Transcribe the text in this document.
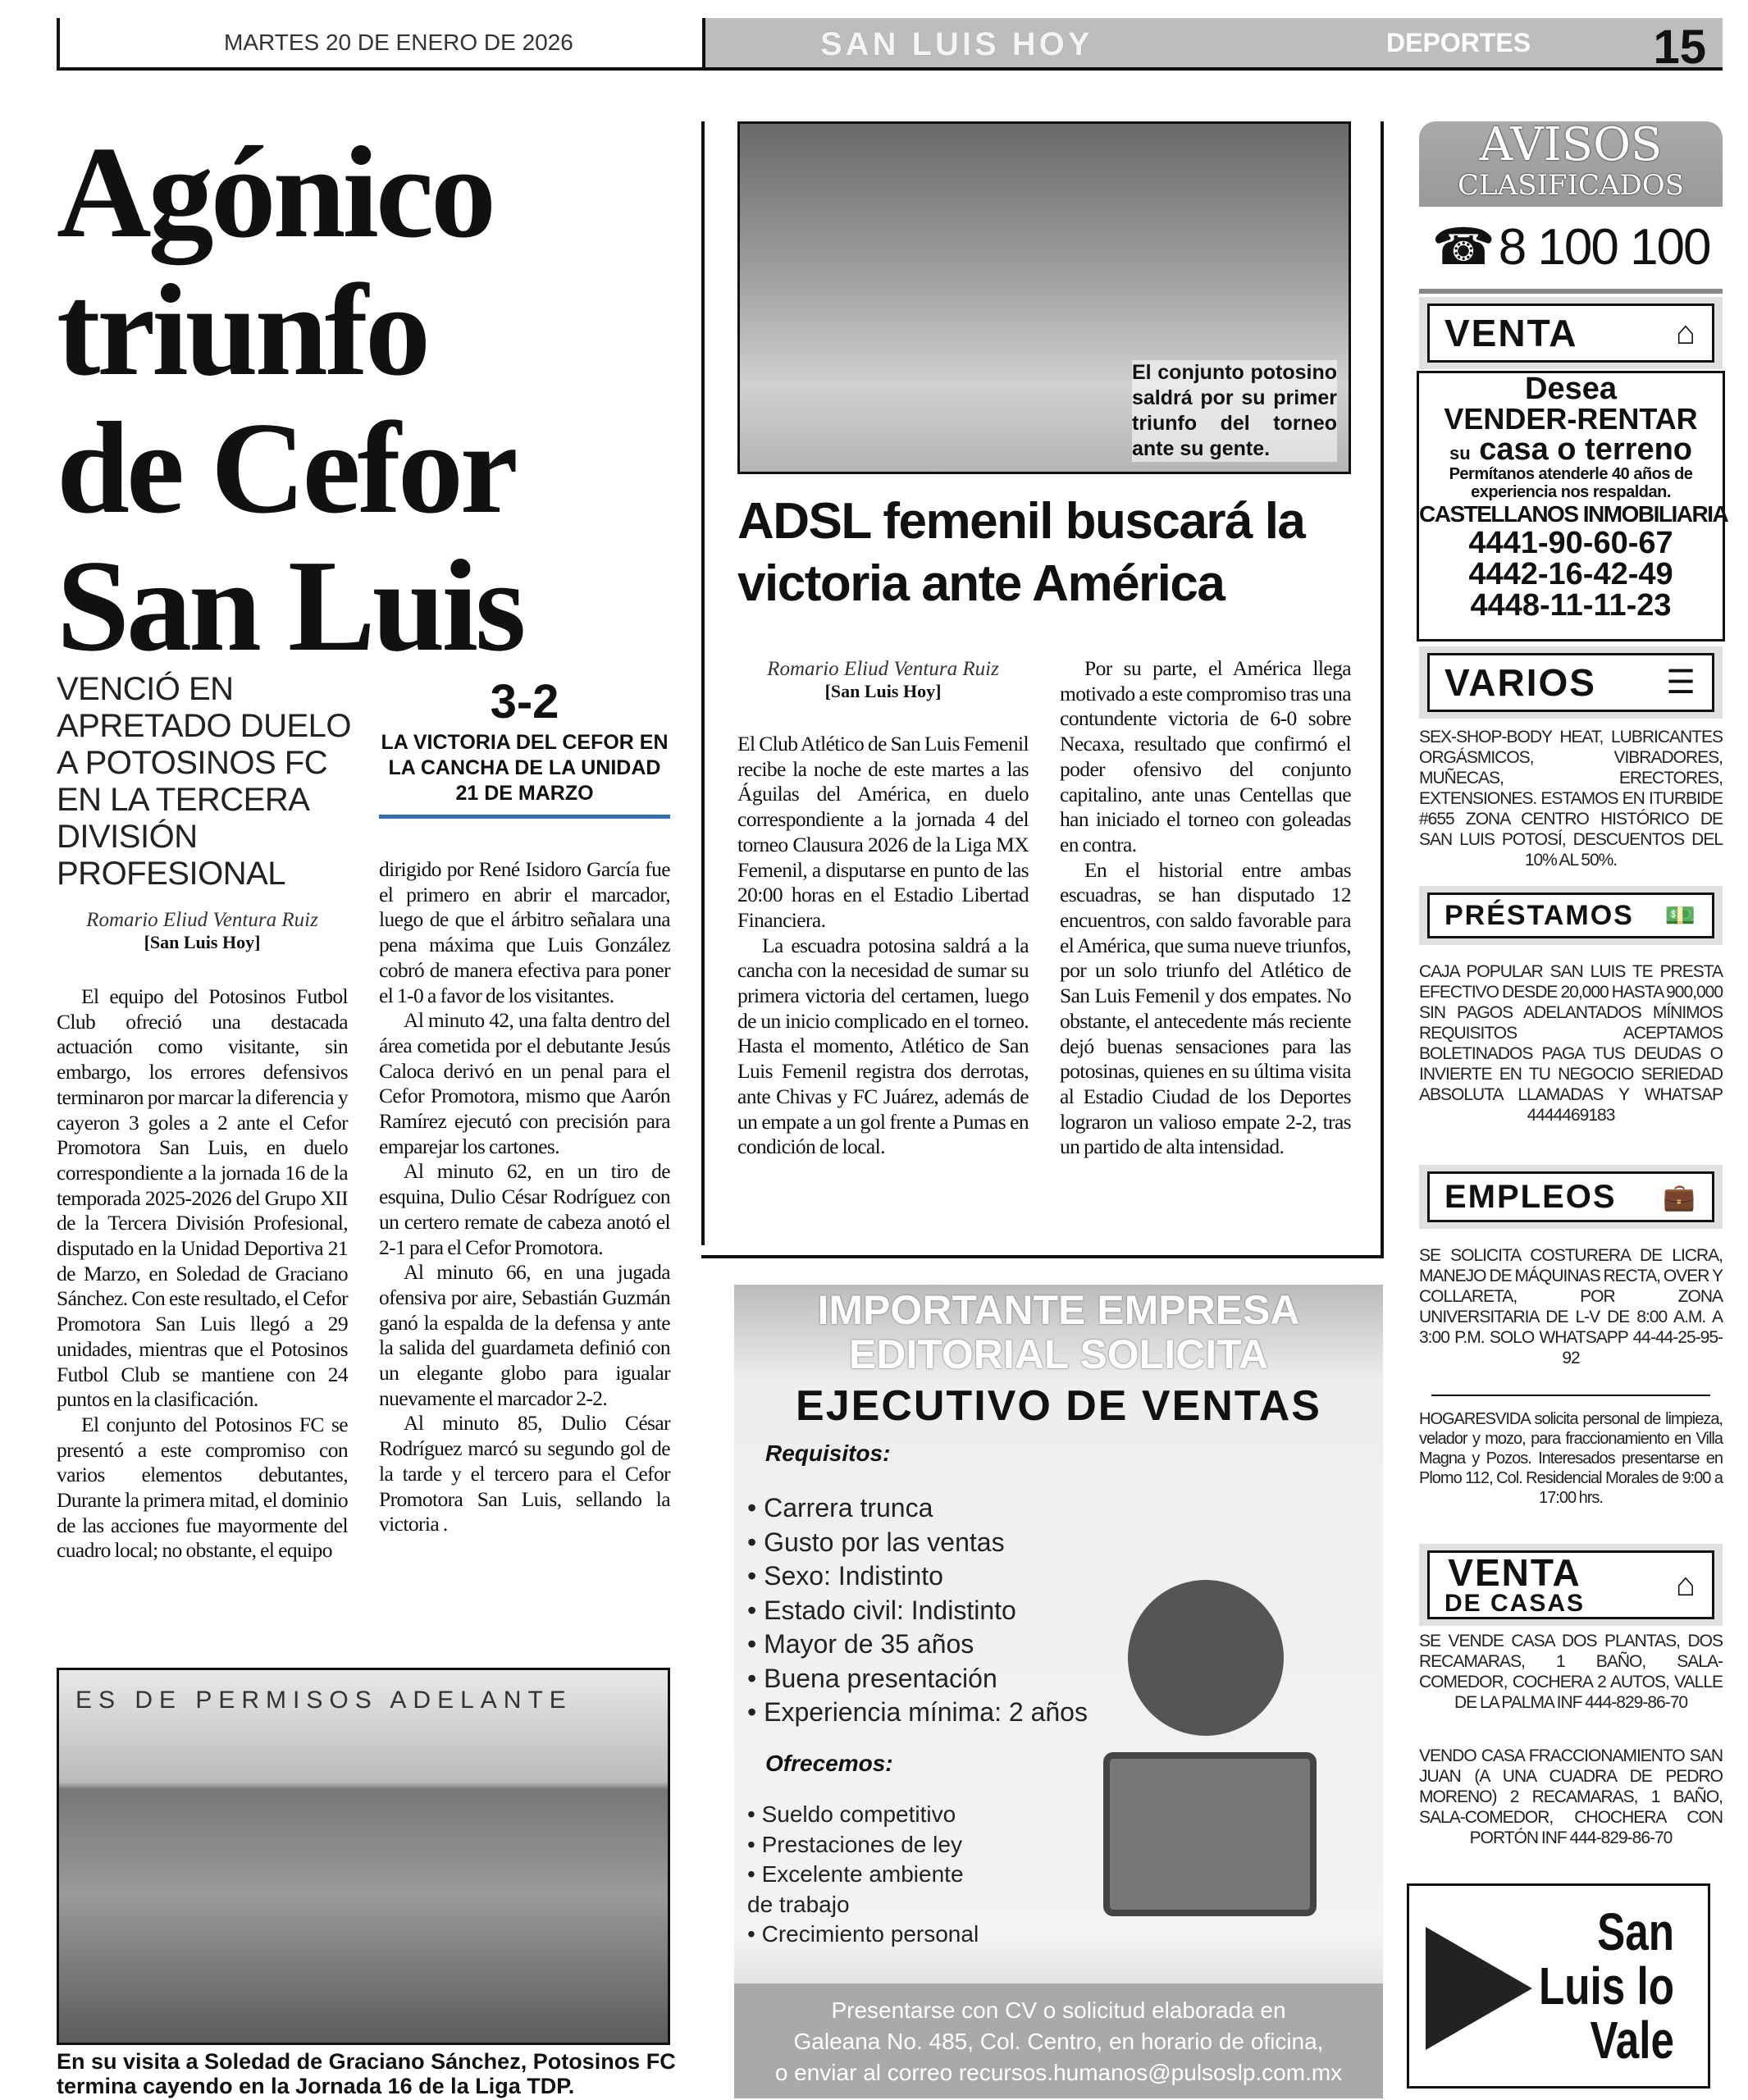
MARTES 20 DE ENERO DE 2026	SAN LUIS HOY	DEPORTES	15
Agónico
triunfo
de Cefor
San Luis
VENCIÓ EN APRETADO DUELO A POTOSINOS FC EN LA TERCERA DIVISIÓN PROFESIONAL
3-2
LA VICTORIA DEL CEFOR EN LA CANCHA DE LA UNIDAD 21 DE MARZO
Romario Eliud Ventura Ruiz
[San Luis Hoy]

El equipo del Potosinos Futbol Club ofreció una destacada actuación como visitante, sin embargo, los errores defensivos terminaron por marcar la diferencia y cayeron 3 goles a 2 ante el Cefor Promotora San Luis, en duelo correspondiente a la jornada 16 de la temporada 2025-2026 del Grupo XII de la Tercera División Profesional, disputado en la Unidad Deportiva 21 de Marzo, en Soledad de Graciano Sánchez. Con este resultado, el Cefor Promotora San Luis llegó a 29 unidades, mientras que el Potosinos Futbol Club se mantiene con 24 puntos en la clasificación.

El conjunto del Potosinos FC se presentó a este compromiso con varios elementos debutantes, Durante la primera mitad, el dominio de las acciones fue mayormente del cuadro local; no obstante, el equipo

dirigido por René Isidoro García fue el primero en abrir el marcador, luego de que el árbitro señalara una pena máxima que Luis González cobró de manera efectiva para poner el 1-0 a favor de los visitantes.

Al minuto 42, una falta dentro del área cometida por el debutante Jesús Caloca derivó en un penal para el Cefor Promotora, mismo que Aarón Ramírez ejecutó con precisión para emparejar los cartones.

Al minuto 62, en un tiro de esquina, Dulio César Rodríguez con un certero remate de cabeza anotó el 2-1 para el Cefor Promotora.

Al minuto 66, en una jugada ofensiva por aire, Sebastián Guzmán ganó la espalda de la defensa y ante la salida del guardameta definió con un elegante globo para igualar nuevamente el marcador 2-2.

Al minuto 85, Dulio César Rodríguez marcó su segundo gol de la tarde y el tercero para el Cefor Promotora San Luis, sellando la victoria .

ES DE PERMISOS ADELANTE
En su visita a Soledad de Graciano Sánchez, Potosinos FC termina cayendo en la Jornada 16 de la Liga TDP.
El conjunto potosino saldrá por su primer triunfo del torneo ante su gente.
ADSL femenil buscará la victoria ante América
Romario Eliud Ventura Ruiz
[San Luis Hoy]

El Club Atlético de San Luis Femenil recibe la noche de este martes a las Águilas del América, en duelo correspondiente a la jornada 4 del torneo Clausura 2026 de la Liga MX Femenil, a disputarse en punto de las 20:00 horas en el Estadio Libertad Financiera.

La escuadra potosina saldrá a la cancha con la necesidad de sumar su primera victoria del certamen, luego de un inicio complicado en el torneo. Hasta el momento, Atlético de San Luis Femenil registra dos derrotas, ante Chivas y FC Juárez, además de un empate a un gol frente a Pumas en condición de local.

Por su parte, el América llega motivado a este compromiso tras una contundente victoria de 6-0 sobre Necaxa, resultado que confirmó el poder ofensivo del conjunto capitalino, ante unas Centellas que han iniciado el torneo con goleadas en contra.

En el historial entre ambas escuadras, se han disputado 12 encuentros, con saldo favorable para el América, que suma nueve triunfos, por un solo triunfo del Atlético de San Luis Femenil y dos empates. No obstante, el antecedente más reciente dejó buenas sensaciones para las potosinas, quienes en su última visita al Estadio Ciudad de los Deportes lograron un valioso empate 2-2, tras un partido de alta intensidad.

IMPORTANTE EMPRESA
EDITORIAL SOLICITA
EJECUTIVO DE VENTAS
Requisitos:
• Carrera trunca
• Gusto por las ventas
• Sexo: Indistinto
• Estado civil: Indistinto
• Mayor de 35 años
• Buena presentación
• Experiencia mínima: 2 años
Ofrecemos:
• Sueldo competitivo
• Prestaciones de ley
• Excelente ambiente de trabajo
• Crecimiento personal
Presentarse con CV o solicitud elaborada en
Galeana No. 485, Col. Centro, en horario de oficina,
o enviar al correo recursos.humanos@pulsoslp.com.mx
AVISOS
CLASIFICADOS
☎ 8 100 100
VENTA	⌂
Desea
VENDER-RENTAR
su casa o terreno
Permítanos atenderle 40 años de experiencia nos respaldan.
CASTELLANOS INMOBILIARIA
4441-90-60-67
4442-16-42-49
4448-11-11-23
VARIOS ☰
SEX-SHOP-BODY HEAT, LUBRICANTES ORGÁSMICOS, VIBRADORES, MUÑECAS, ERECTORES, EXTENSIONES. ESTAMOS EN ITURBIDE #655 ZONA CENTRO HISTÓRICO DE SAN LUIS POTOSÍ, DESCUENTOS DEL 10% AL 50%.
PRÉSTAMOS 💵
CAJA POPULAR SAN LUIS TE PRESTA EFECTIVO DESDE 20,000 HASTA 900,000 SIN PAGOS ADELANTADOS MÍNIMOS REQUISITOS ACEPTAMOS BOLETINADOS PAGA TUS DEUDAS O INVIERTE EN TU NEGOCIO SERIEDAD ABSOLUTA LLAMADAS Y WHATSAP 4444469183
EMPLEOS 💼
SE SOLICITA COSTURERA DE LICRA, MANEJO DE MÁQUINAS RECTA, OVER Y COLLARETA, POR ZONA UNIVERSITARIA DE L-V DE 8:00 A.M. A 3:00 P.M. SOLO WHATSAPP 44-44-25-95-92
HOGARESVIDA solicita personal de limpieza, velador y mozo, para fraccionamiento en Villa Magna y Pozos. Interesados presentarse en Plomo 112, Col. Residencial Morales de 9:00 a 17:00 hrs.
VENTA
DE CASAS
⌂
SE VENDE CASA DOS PLANTAS, DOS RECAMARAS, 1 BAÑO, SALA-COMEDOR, COCHERA 2 AUTOS, VALLE DE LA PALMA INF 444-829-86-70
VENDO CASA FRACCIONAMIENTO SAN JUAN (A UNA CUADRA DE PEDRO MORENO) 2 RECAMARAS, 1 BAÑO, SALA-COMEDOR, CHOCHERA CON PORTÓN INF 444-829-86-70
San
Luis lo
Vale
